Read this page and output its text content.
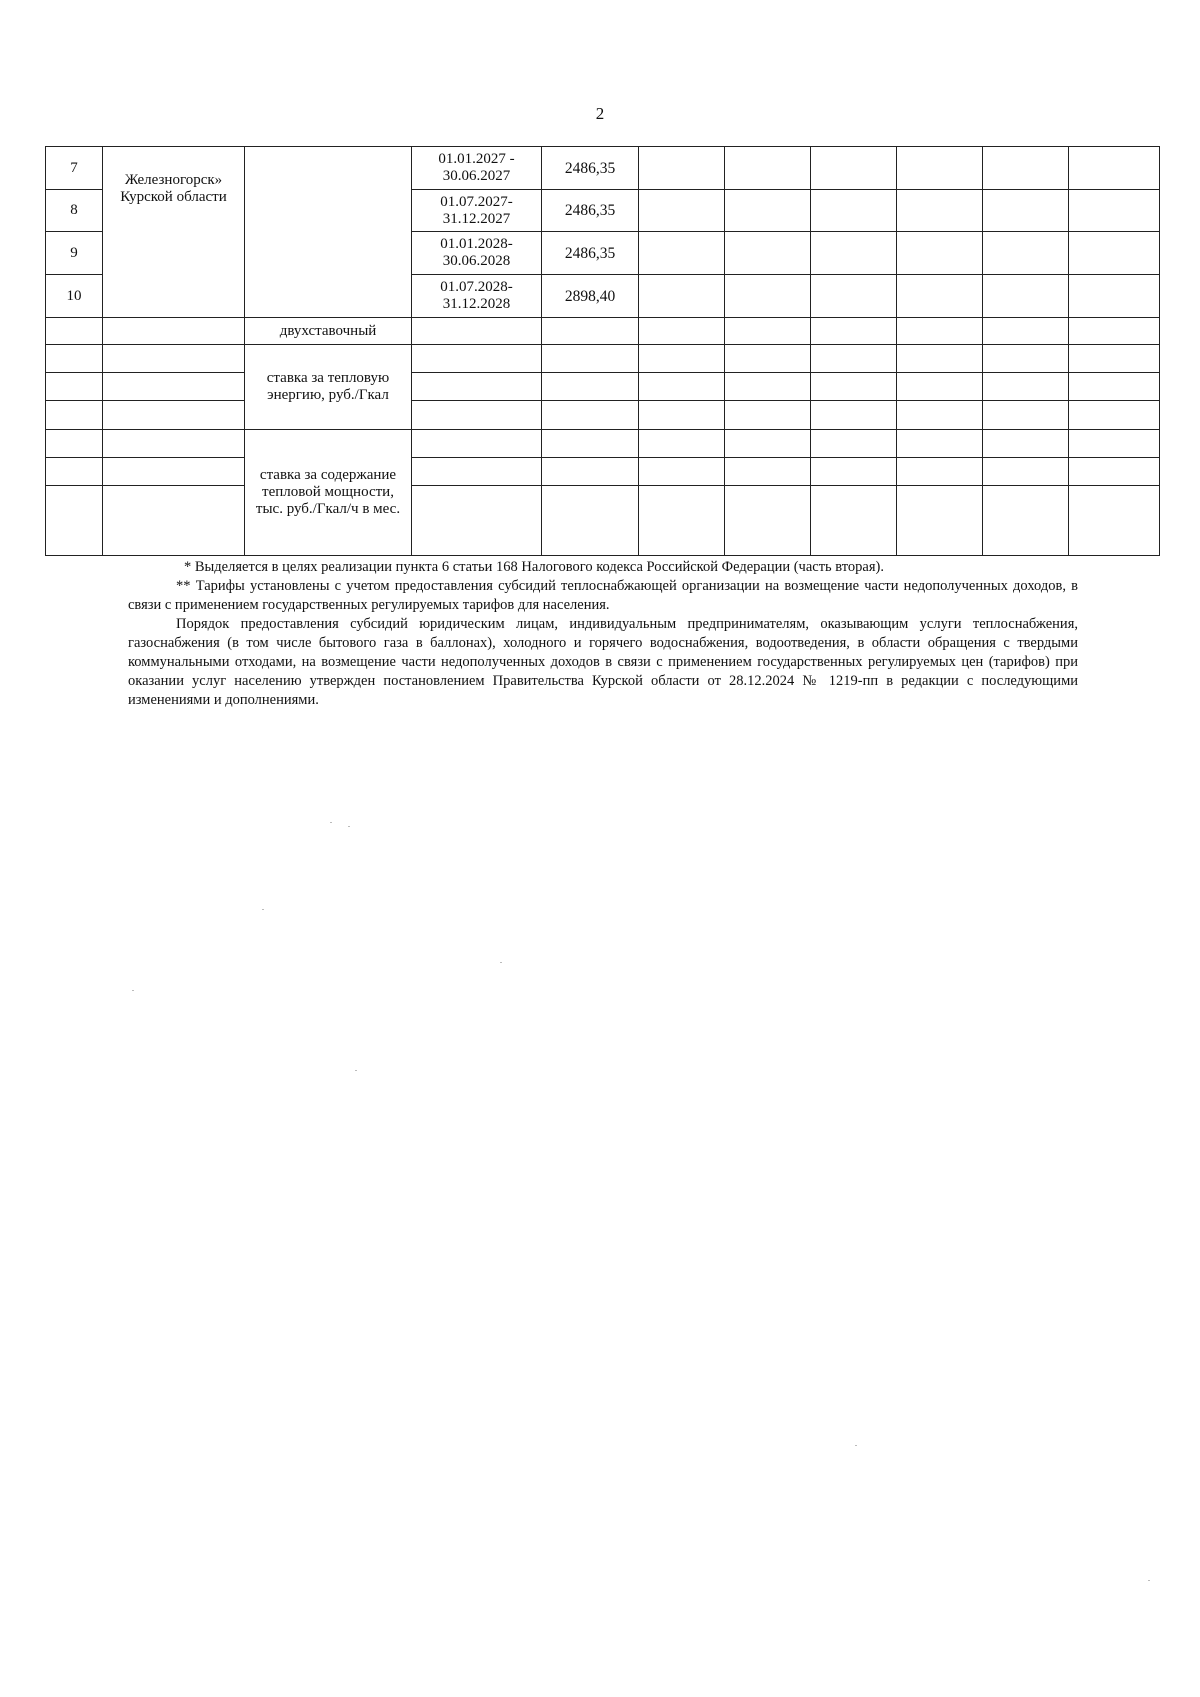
2
7	Железногорск» Курской области		01.01.2027 - 30.06.2027	2486,35						
8			01.07.2027- 31.12.2027	2486,35						
9			01.01.2028- 30.06.2028	2486,35						
10			01.07.2028- 31.12.2028	2898,40						
		двухставочный								
		ставка за тепловую энергию, руб./Гкал								

		ставка за содержание тепловой мощности, тыс. руб./Гкал/ч в мес.								

* Выделяется в целях реализации пункта 6 статьи 168 Налогового кодекса Российской Федерации (часть вторая).

** Тарифы установлены с учетом предоставления субсидий теплоснабжающей организации на возмещение части недополученных доходов, в связи с применением государственных регулируемых тарифов для населения.

Порядок предоставления субсидий юридическим лицам, индивидуальным предпринимателям, оказывающим услуги теплоснабжения, газоснабжения (в том числе бытового газа в баллонах), холодного и горячего водоснабжения, водоотведения, в области обращения с твердыми коммунальными отходами, на возмещение части недополученных доходов в связи с применением государственных регулируемых цен (тарифов) при оказании услуг населению утвержден постановлением Правительства Курской области от 28.12.2024 № 1219-пп в редакции с последующими изменениями и дополнениями.
